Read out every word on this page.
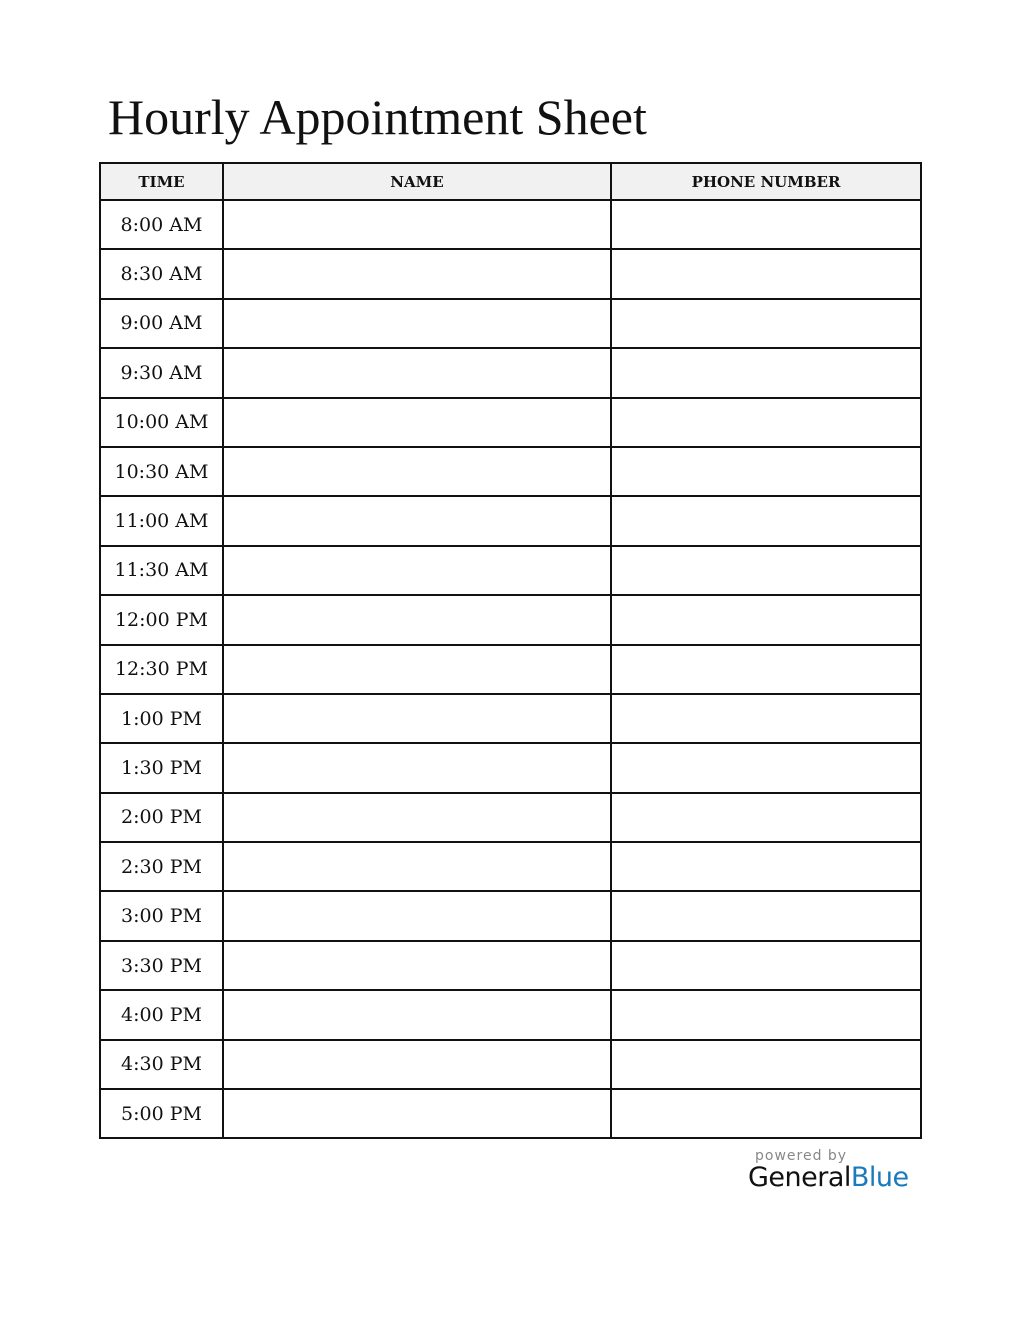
Hourly Appointment Sheet
TIME	NAME	PHONE NUMBER
8:00 AM		
8:30 AM		
9:00 AM		
9:30 AM		
10:00 AM		
10:30 AM		
11:00 AM		
11:30 AM		
12:00 PM		
12:30 PM		
1:00 PM		
1:30 PM		
2:00 PM		
2:30 PM		
3:00 PM		
3:30 PM		
4:00 PM		
4:30 PM		
5:00 PM		
powered by
GeneralBlue
